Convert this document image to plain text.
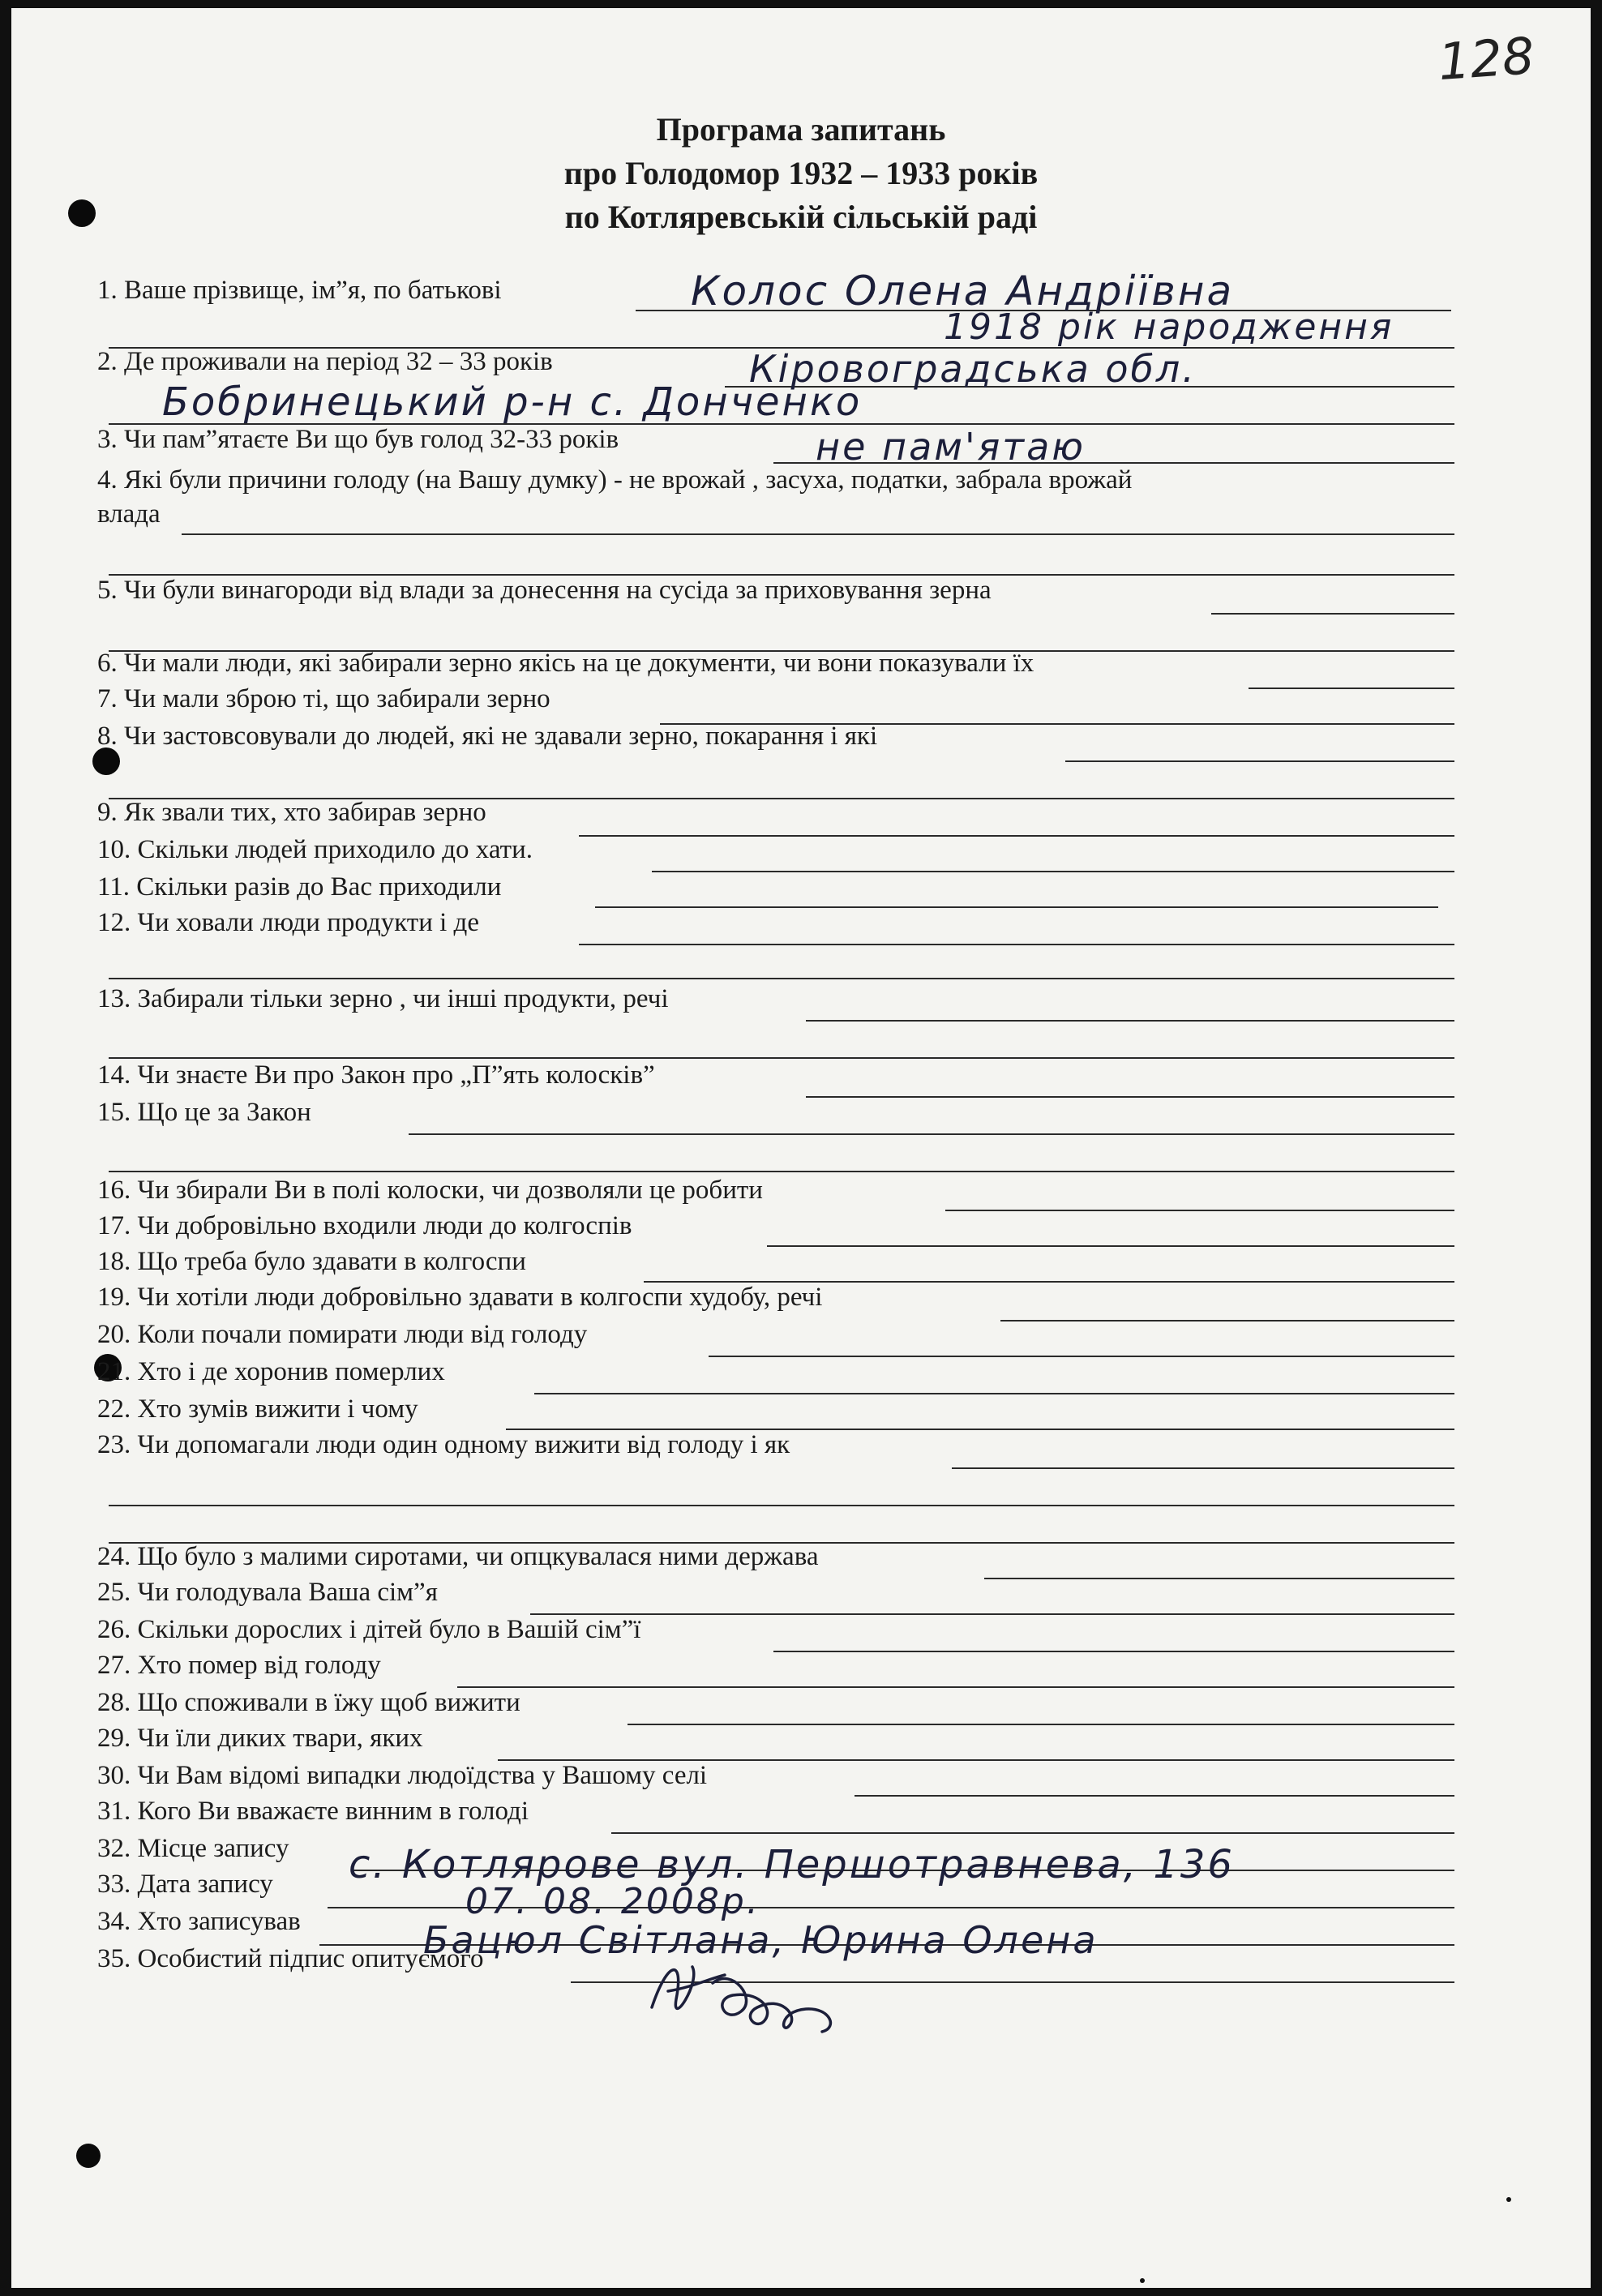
128
Програма запитань
про Голодомор 1932 – 1933 років
по Котляревській сільській раді
1. Ваше прізвище, ім”я, по батькові
2. Де проживали на період 32 – 33 років
3. Чи пам”ятаєте Ви що був голод 32-33 років
4. Які були причини голоду (на Вашу думку) - не врожай , засуха, податки, забрала врожай
5. Чи були винагороди від влади за донесення на сусіда за приховування зерна
6. Чи мали люди, які забирали зерно якісь на це документи, чи вони показували їх
7. Чи мали зброю ті, що забирали зерно
8. Чи застовсовували до людей, які не здавали зерно, покарання і які
9. Як звали тих, хто забирав зерно
10. Скільки людей приходило до хати.
11. Скільки разів до Вас приходили
12. Чи ховали люди продукти і де
13. Забирали тільки зерно , чи інші продукти, речі
14. Чи знаєте Ви про Закон про „П”ять колосків”
15. Що це за Закон
16. Чи збирали Ви в полі колоски, чи дозволяли це робити
17. Чи добровільно входили люди до колгоспів
18. Що треба було здавати в колгоспи
19. Чи хотіли люди добровільно здавати в колгоспи худобу, речі
20. Коли почали помирати люди від голоду
21. Хто і де хоронив померлих
22. Хто зумів вижити і чому
23. Чи допомагали люди один одному вижити від голоду і як
24. Що було з малими сиротами, чи опцкувалася ними держава
25. Чи голодувала Ваша сім”я
26. Скільки дорослих і дітей було в Вашій сім”ї
27. Хто помер від голоду
28. Що споживали в їжу щоб вижити
29. Чи їли диких твари, яких
30. Чи Вам відомі випадки людоїдства у Вашому селі
31. Кого Ви вважаєте винним в голоді
32. Місце запису
33. Дата запису
34. Хто записував
35. Особистий підпис опитуємого
влада
Колос Олена Андріївна
1918 рік народження
Кіровоградська обл.
Бобринецький р-н с. Донченко
не пам'ятаю
с. Котлярове вул. Першотравнева, 136
07. 08. 2008р.
Бацюл Світлана, Юрина Олена
